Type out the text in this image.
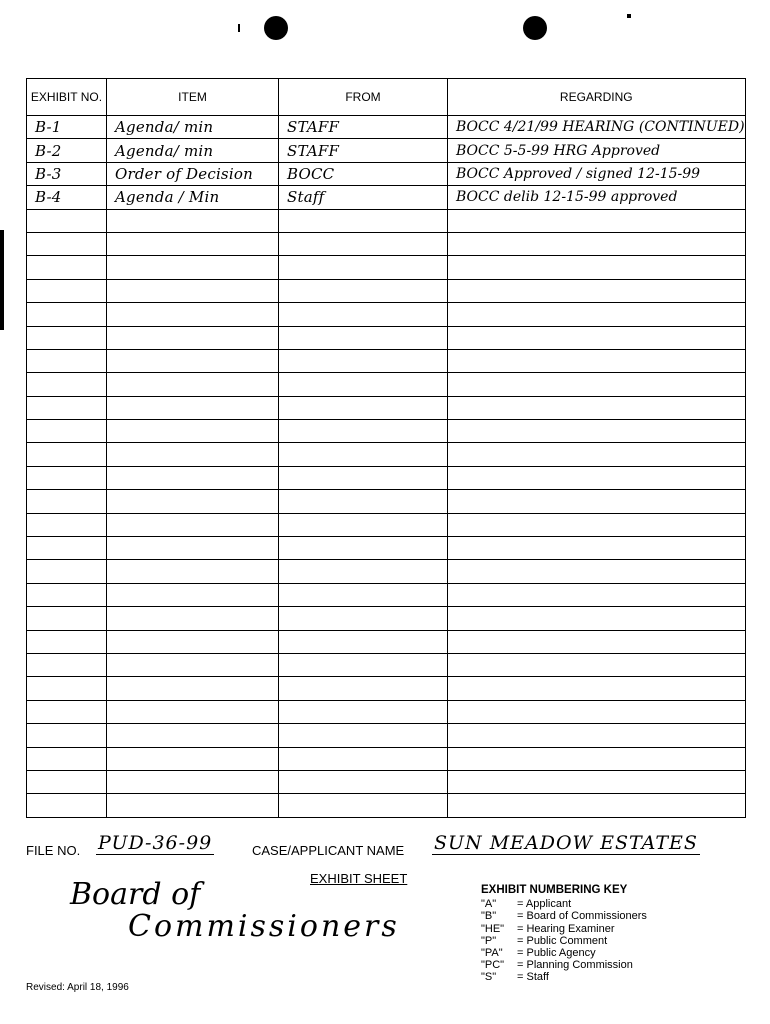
EXHIBIT NO.	ITEM	FROM	REGARDING

B-1	Agenda/ min	STAFF	BOCC 4/21/99 HEARING (CONTINUED)

B-2	Agenda/ min	STAFF	BOCC 5-5-99 HRG Approved

B-3	Order of Decision	BOCC	BOCC Approved / signed 12-15-99

B-4	Agenda / Min	Staff	BOCC delib 12-15-99 approved

FILE NO. PUD-36-99	CASE/APPLICANT NAME SUN MEADOW ESTATES
EXHIBIT SHEET
Board of
Commissioners
EXHIBIT NUMBERING KEY
"A"	= Applicant
"B"	= Board of Commissioners
"HE"	= Hearing Examiner
"P"	= Public Comment
"PA"	= Public Agency
"PC"	= Planning Commission
"S"	= Staff
Revised: April 18, 1996
